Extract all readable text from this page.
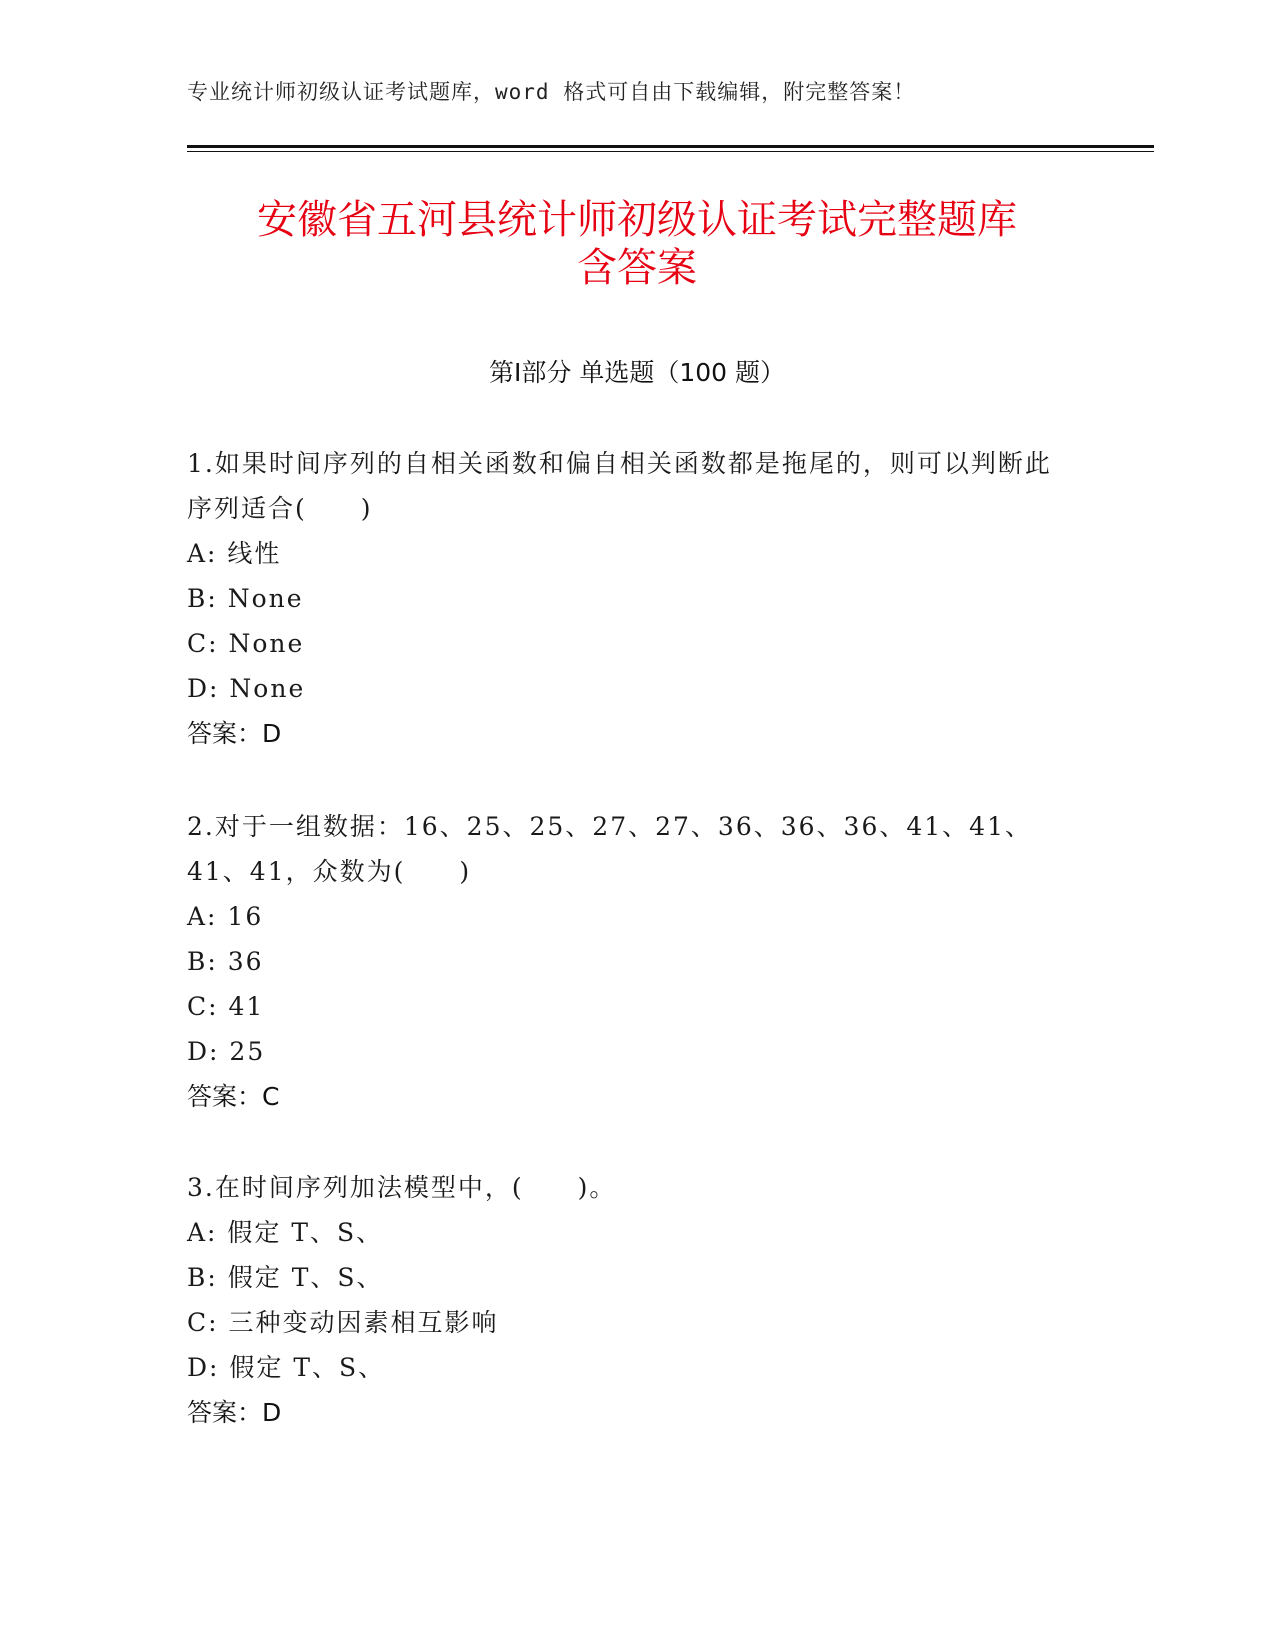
专业统计师初级认证考试题库，word 格式可自由下载编辑，附完整答案！
安徽省五河县统计师初级认证考试完整题库
含答案
第Ⅰ部分 单选题（100 题）
1.如果时间序列的自相关函数和偏自相关函数都是拖尾的，则可以判断此序列适合(　　)
A: 线性
B: None
C: None
D: None
答案：D
2.对于一组数据：16、25、25、27、27、36、36、36、41、41、41、41，众数为(　　)
A: 16
B: 36
C: 41
D: 25
答案：C
3.在时间序列加法模型中，(　　)。
A: 假定 T、S、
B: 假定 T、S、
C: 三种变动因素相互影响
D: 假定 T、S、
答案：D
